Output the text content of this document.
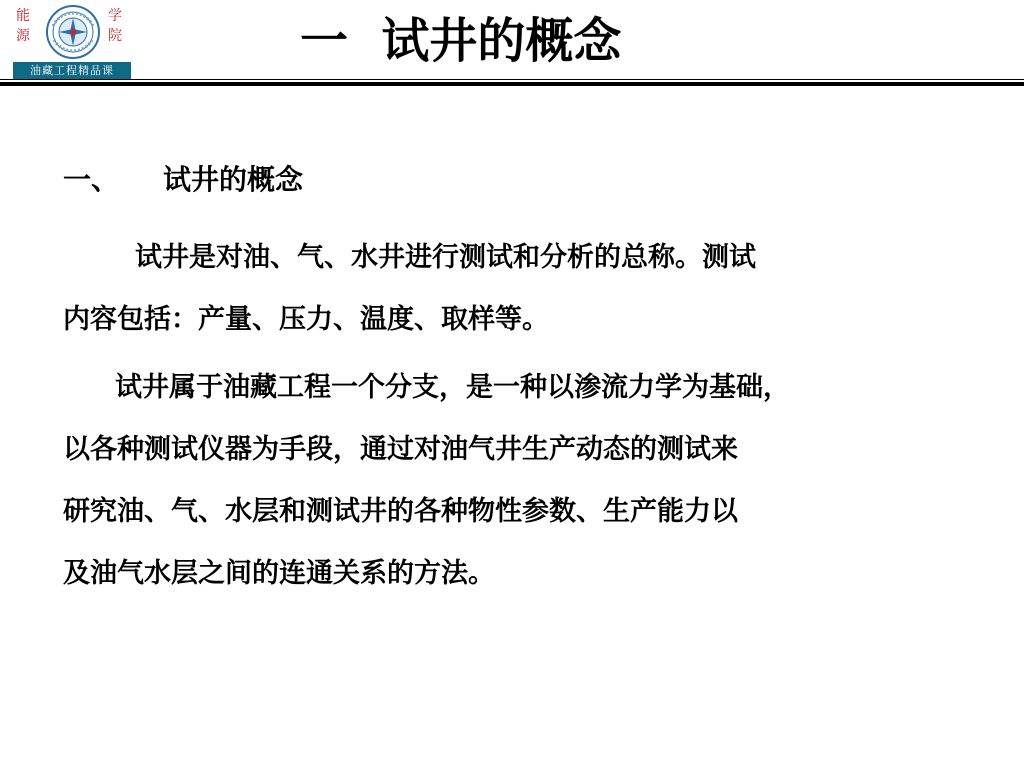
能
源
学
院
油藏工程精品课
一  试井的概念
一、 试井的概念
试井是对油、气、水井进行测试和分析的总称。测试
内容包括：产量、压力、温度、取样等。
试井属于油藏工程一个分支，是一种以渗流力学为基础，
以各种测试仪器为手段，通过对油气井生产动态的测试来
研究油、气、水层和测试井的各种物性参数、生产能力以
及油气水层之间的连通关系的方法。
